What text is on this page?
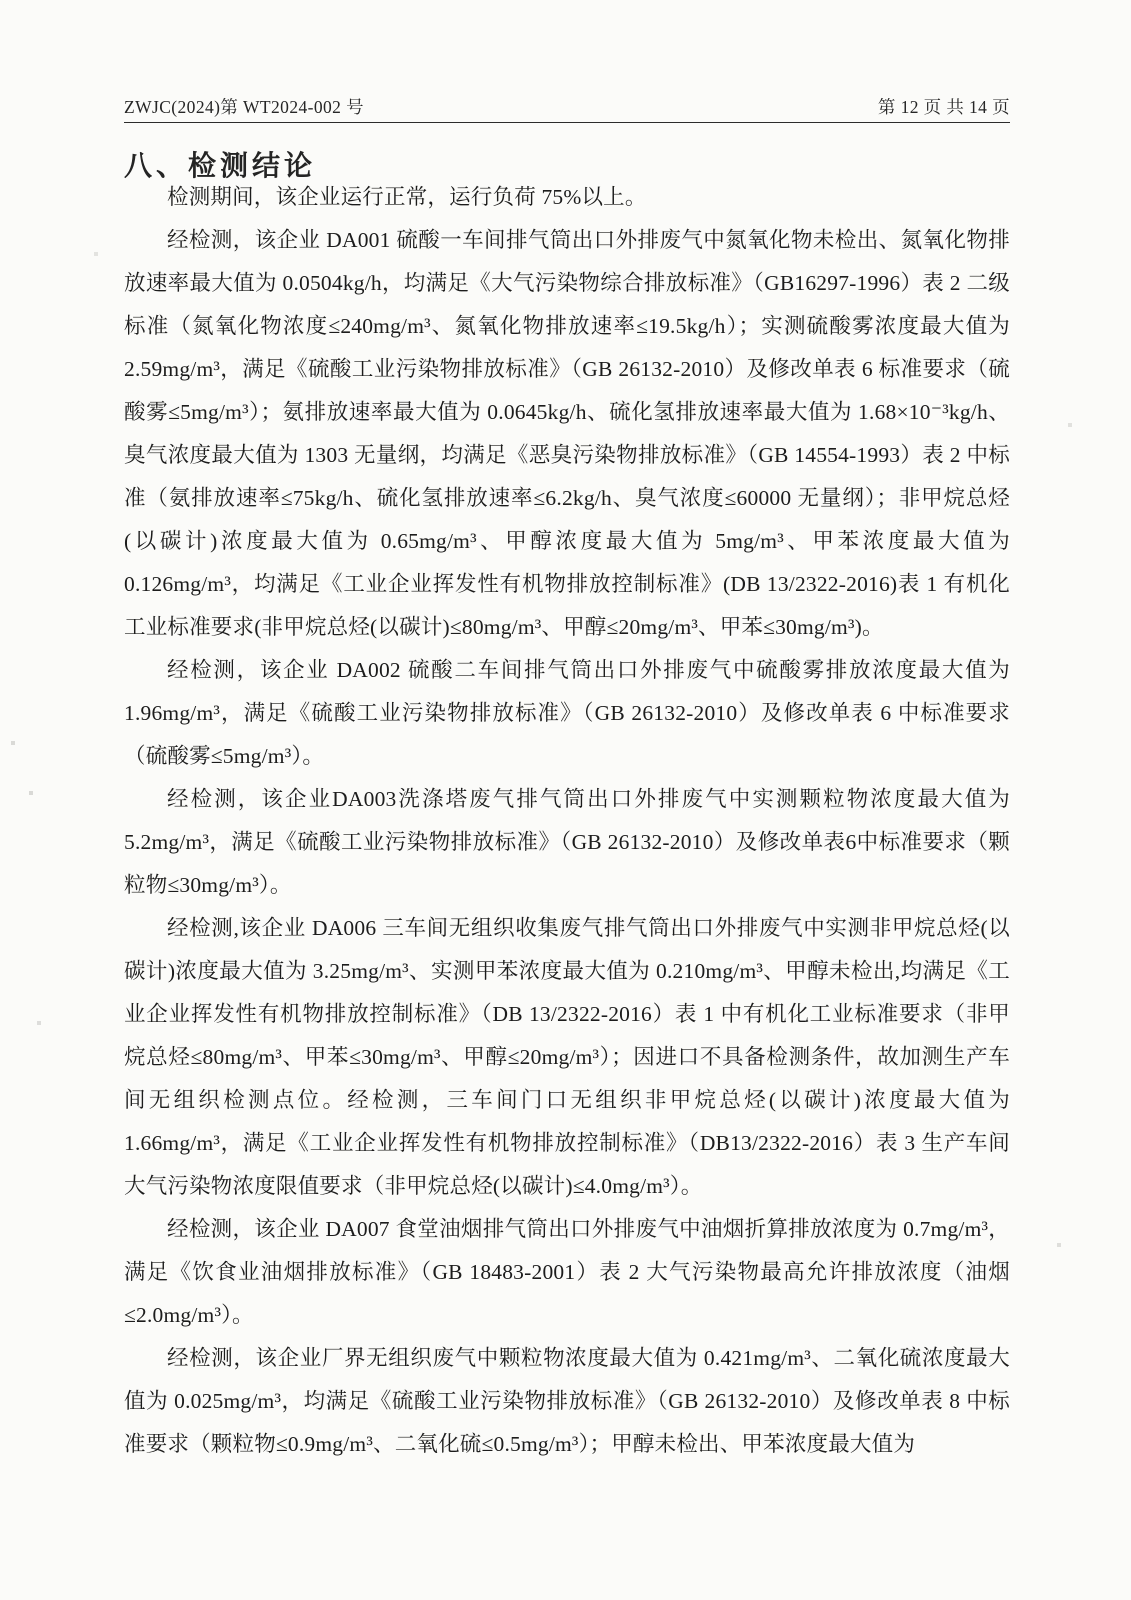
ZWJC(2024)第 WT2024-002 号	第 12 页 共 14 页
八、检测结论

检测期间，该企业运行正常，运行负荷 75%以上。

经检测，该企业 DA001 硫酸一车间排气筒出口外排废气中氮氧化物未检出、氮氧化物排放速率最大值为 0.0504kg/h，均满足《大气污染物综合排放标准》（GB16297-1996）表 2 二级标准（氮氧化物浓度≤240mg/m³、氮氧化物排放速率≤19.5kg/h）；实测硫酸雾浓度最大值为 2.59mg/m³，满足《硫酸工业污染物排放标准》（GB 26132-2010）及修改单表 6 标准要求（硫酸雾≤5mg/m³）；氨排放速率最大值为 0.0645kg/h、硫化氢排放速率最大值为 1.68×10⁻³kg/h、臭气浓度最大值为 1303 无量纲，均满足《恶臭污染物排放标准》（GB 14554-1993）表 2 中标准（氨排放速率≤75kg/h、硫化氢排放速率≤6.2kg/h、臭气浓度≤60000 无量纲）；非甲烷总烃(以碳计)浓度最大值为 0.65mg/m³、甲醇浓度最大值为 5mg/m³、甲苯浓度最大值为 0.126mg/m³，均满足《工业企业挥发性有机物排放控制标准》(DB 13/2322-2016)表 1 有机化工业标准要求(非甲烷总烃(以碳计)≤80mg/m³、甲醇≤20mg/m³、甲苯≤30mg/m³)。

经检测，该企业 DA002 硫酸二车间排气筒出口外排废气中硫酸雾排放浓度最大值为 1.96mg/m³，满足《硫酸工业污染物排放标准》（GB 26132-2010）及修改单表 6 中标准要求（硫酸雾≤5mg/m³）。

经检测，该企业DA003洗涤塔废气排气筒出口外排废气中实测颗粒物浓度最大值为 5.2mg/m³，满足《硫酸工业污染物排放标准》（GB 26132-2010）及修改单表6中标准要求（颗粒物≤30mg/m³）。

经检测,该企业 DA006 三车间无组织收集废气排气筒出口外排废气中实测非甲烷总烃(以碳计)浓度最大值为 3.25mg/m³、实测甲苯浓度最大值为 0.210mg/m³、甲醇未检出,均满足《工业企业挥发性有机物排放控制标准》（DB 13/2322-2016）表 1 中有机化工业标准要求（非甲烷总烃≤80mg/m³、甲苯≤30mg/m³、甲醇≤20mg/m³）；因进口不具备检测条件，故加测生产车间无组织检测点位。经检测，三车间门口无组织非甲烷总烃(以碳计)浓度最大值为 1.66mg/m³，满足《工业企业挥发性有机物排放控制标准》（DB13/2322-2016）表 3 生产车间大气污染物浓度限值要求（非甲烷总烃(以碳计)≤4.0mg/m³）。

经检测，该企业 DA007 食堂油烟排气筒出口外排废气中油烟折算排放浓度为 0.7mg/m³，满足《饮食业油烟排放标准》（GB 18483-2001）表 2 大气污染物最高允许排放浓度（油烟≤2.0mg/m³）。

经检测，该企业厂界无组织废气中颗粒物浓度最大值为 0.421mg/m³、二氧化硫浓度最大值为 0.025mg/m³，均满足《硫酸工业污染物排放标准》（GB 26132-2010）及修改单表 8 中标准要求（颗粒物≤0.9mg/m³、二氧化硫≤0.5mg/m³）；甲醇未检出、甲苯浓度最大值为
